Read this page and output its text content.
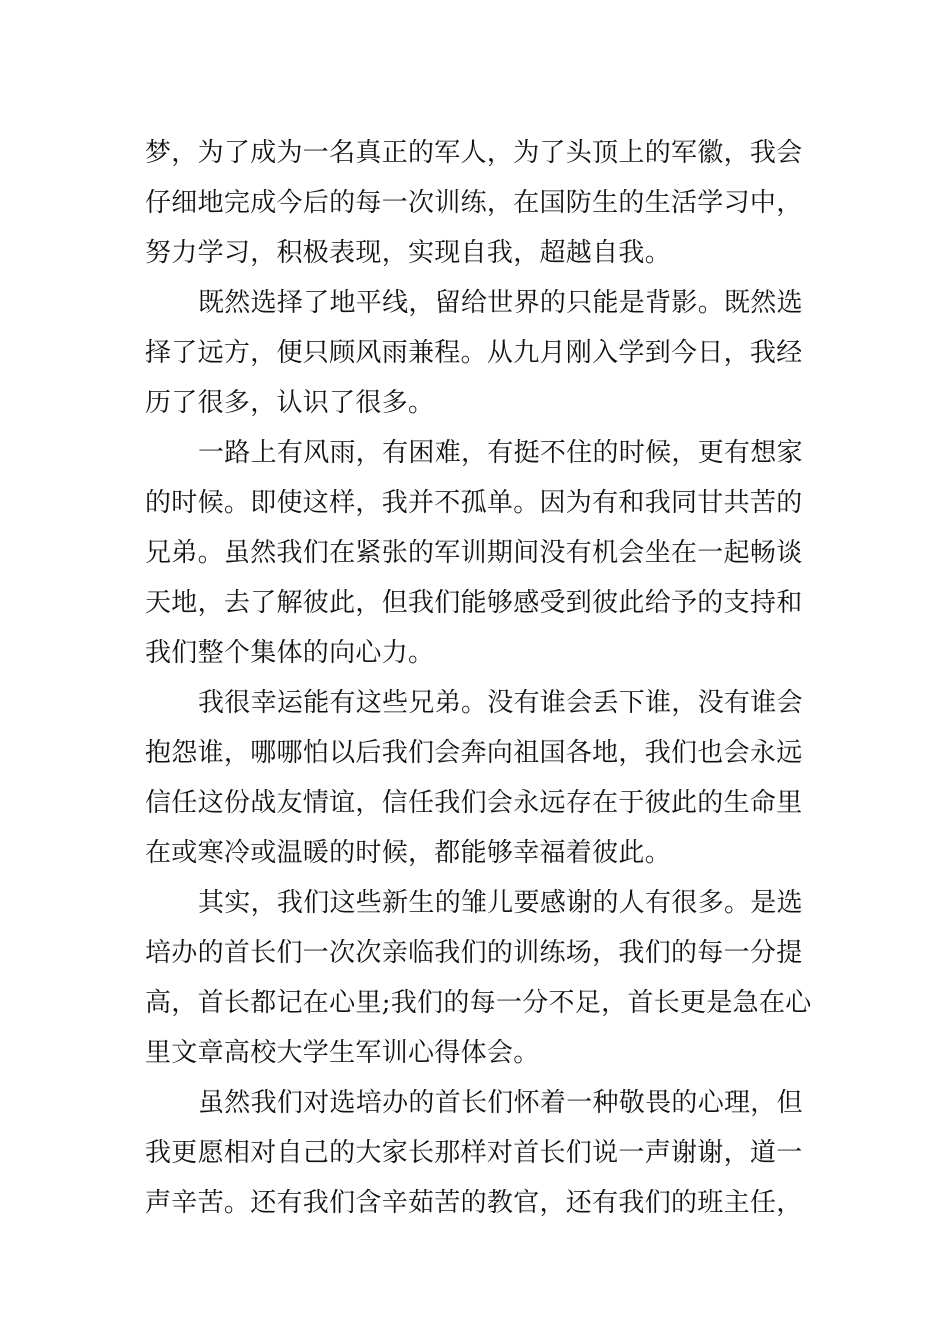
梦，为了成为一名真正的军人，为了头顶上的军徽，我会
仔细地完成今后的每一次训练，在国防生的生活学习中，
努力学习，积极表现，实现自我，超越自我。
既然选择了地平线，留给世界的只能是背影。既然选
择了远方，便只顾风雨兼程。从九月刚入学到今日，我经
历了很多，认识了很多。
一路上有风雨，有困难，有挺不住的时候，更有想家
的时候。即使这样，我并不孤单。因为有和我同甘共苦的
兄弟。虽然我们在紧张的军训期间没有机会坐在一起畅谈
天地，去了解彼此，但我们能够感受到彼此给予的支持和
我们整个集体的向心力。
我很幸运能有这些兄弟。没有谁会丢下谁，没有谁会
抱怨谁，哪哪怕以后我们会奔向祖国各地，我们也会永远
信任这份战友情谊，信任我们会永远存在于彼此的生命里
在或寒冷或温暖的时候，都能够幸福着彼此。
其实，我们这些新生的雏儿要感谢的人有很多。是选
培办的首长们一次次亲临我们的训练场，我们的每一分提
高，首长都记在心里;我们的每一分不足，首长更是急在心
里文章高校大学生军训心得体会。
虽然我们对选培办的首长们怀着一种敬畏的心理，但
我更愿相对自己的大家长那样对首长们说一声谢谢，道一
声辛苦。还有我们含辛茹苦的教官，还有我们的班主任，
